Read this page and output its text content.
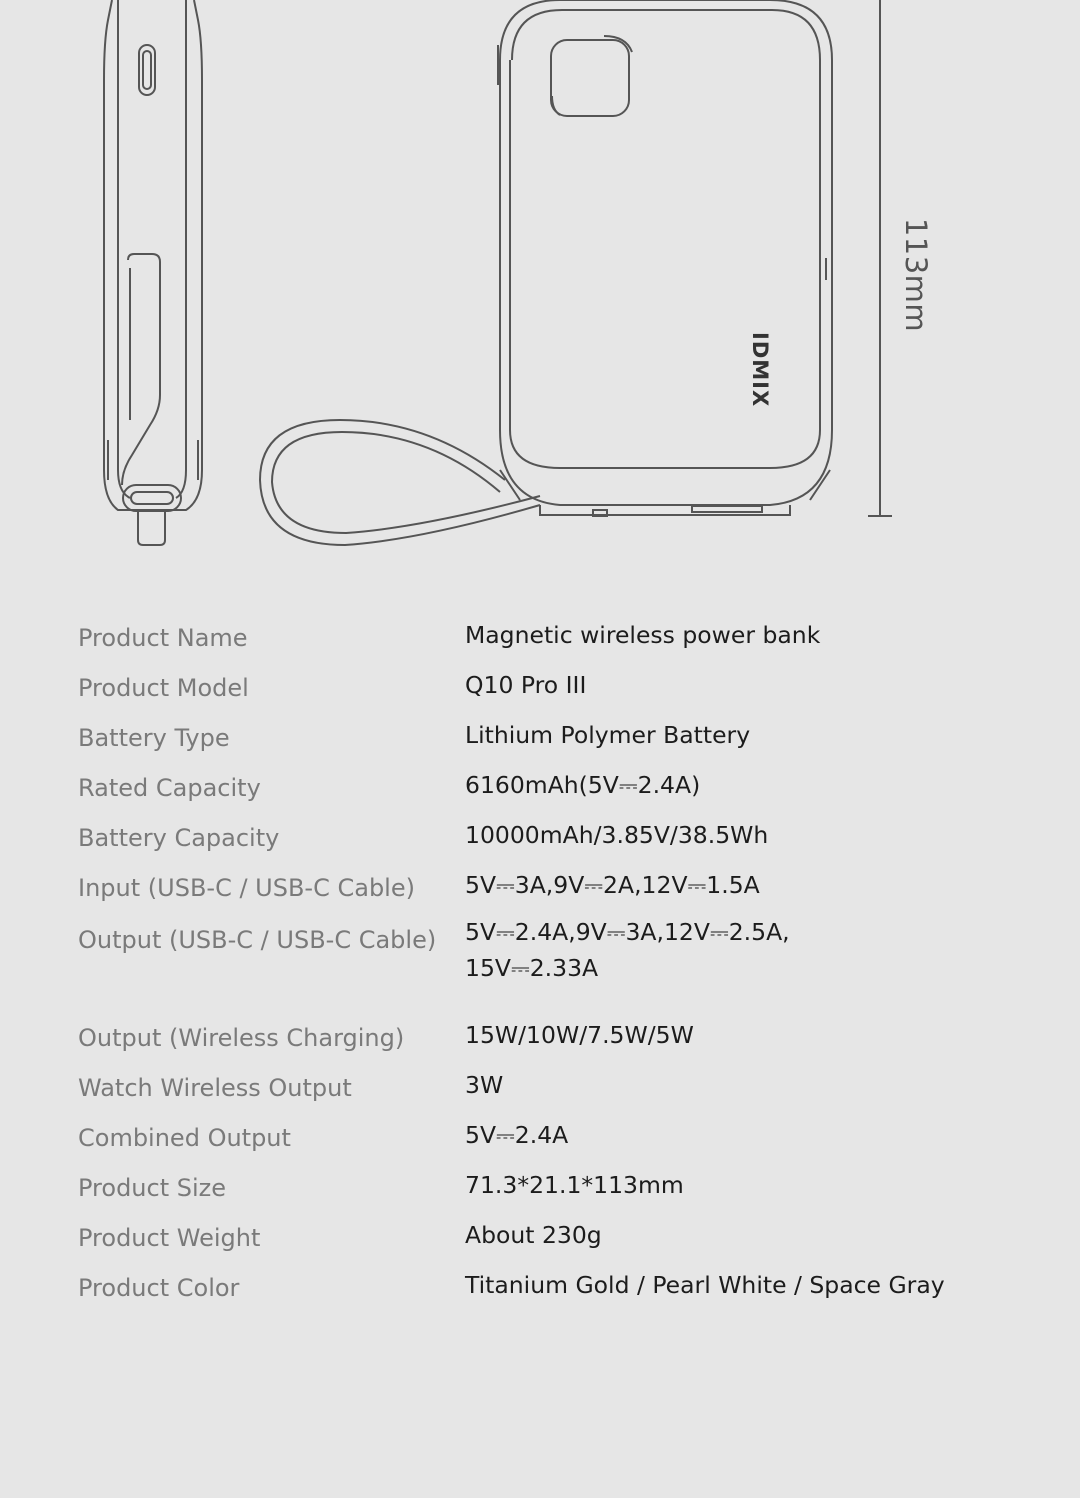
113mm
IDMIX
Product Name	Magnetic wireless power bank
Product Model	Q10 Pro III
Battery Type	Lithium Polymer Battery
Rated Capacity	6160mAh(5V⎓2.4A)
Battery Capacity	10000mAh/3.85V/38.5Wh
Input (USB-C / USB-C Cable)	5V⎓3A,9V⎓2A,12V⎓1.5A
Output (USB-C / USB-C Cable)	5V⎓2.4A,9V⎓3A,12V⎓2.5A,
15V⎓2.33A
Output (Wireless Charging)	15W/10W/7.5W/5W
Watch Wireless Output	3W
Combined Output	5V⎓2.4A
Product Size	71.3*21.1*113mm
Product Weight	About 230g
Product Color	Titanium Gold / Pearl White / Space Gray
